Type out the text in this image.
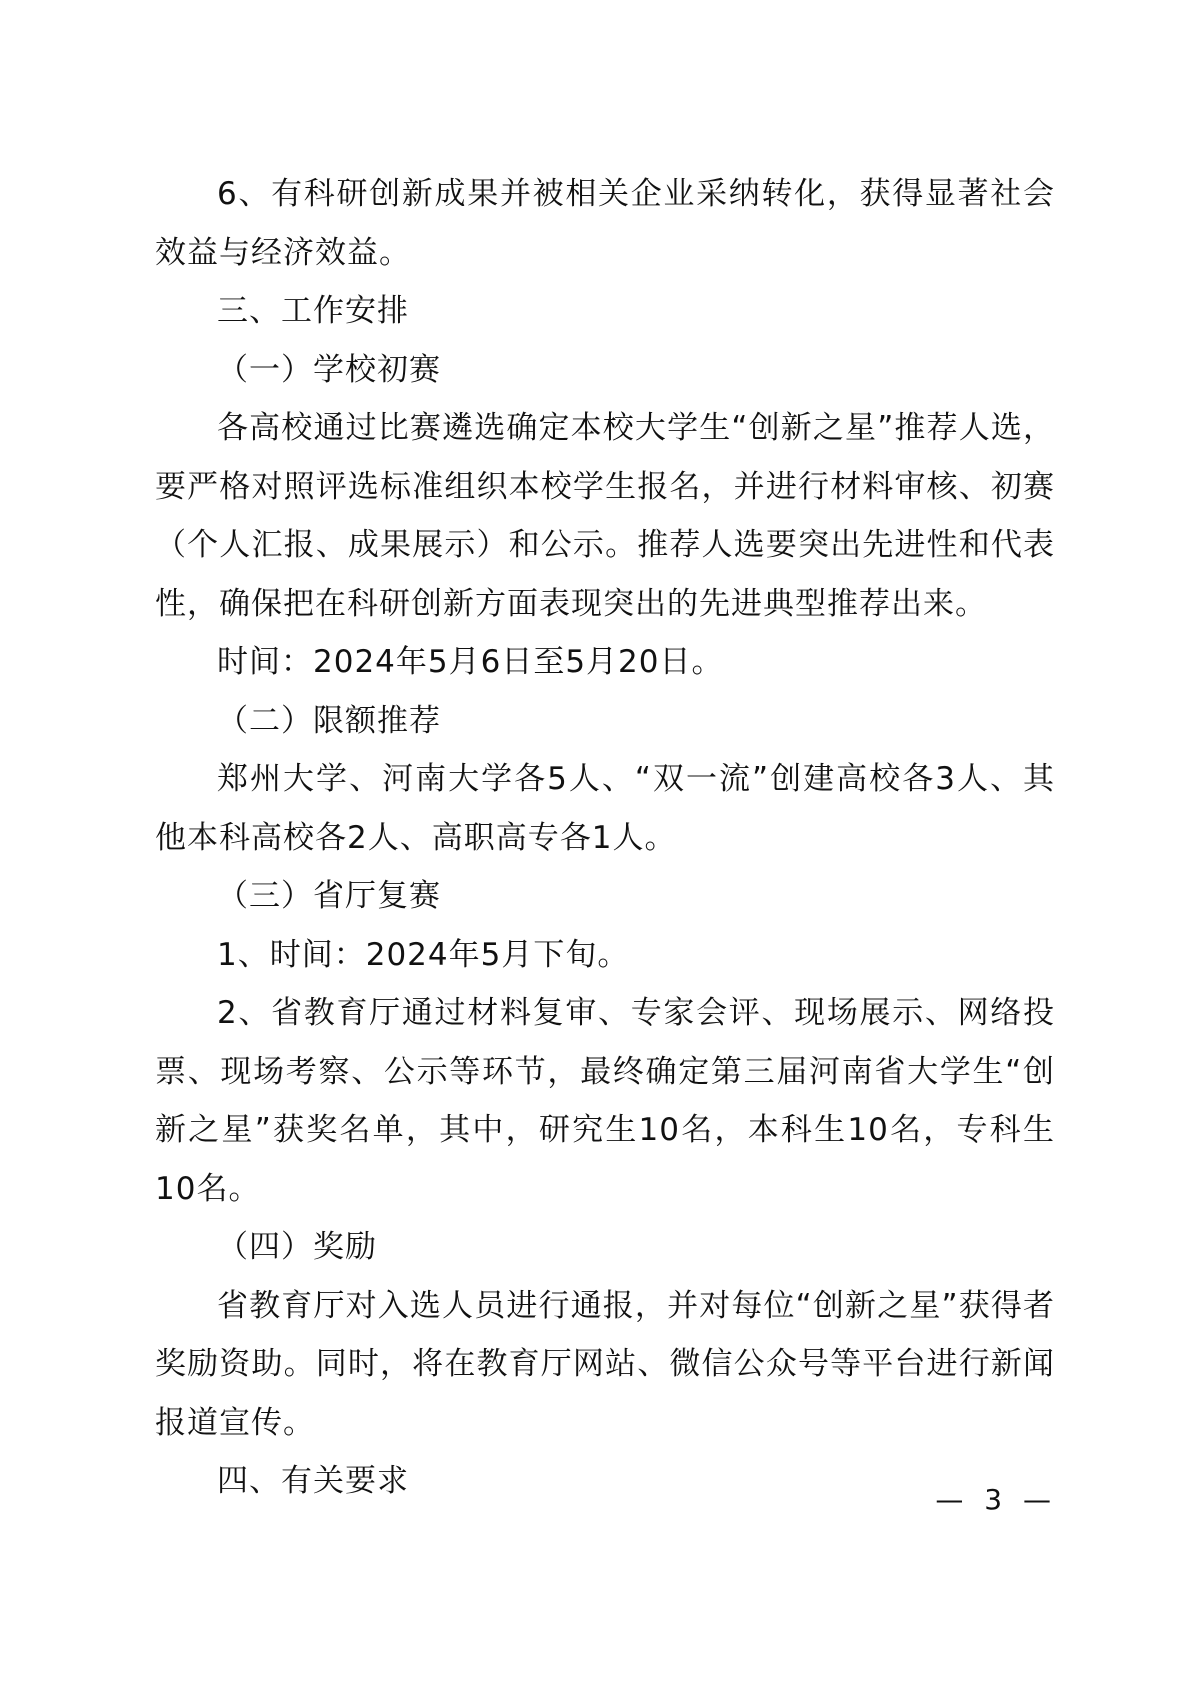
6、有科研创新成果并被相关企业采纳转化，获得显著社会效益与经济效益。

三、工作安排

（一）学校初赛

各高校通过比赛遴选确定本校大学生“创新之星”推荐人选，要严格对照评选标准组织本校学生报名，并进行材料审核、初赛（个人汇报、成果展示）和公示。推荐人选要突出先进性和代表性，确保把在科研创新方面表现突出的先进典型推荐出来。

时间：2024年5月6日至5月20日。

（二）限额推荐

郑州大学、河南大学各5人、“双一流”创建高校各3人、其他本科高校各2人、高职高专各1人。

（三）省厅复赛

1、时间：2024年5月下旬。

2、省教育厅通过材料复审、专家会评、现场展示、网络投票、现场考察、公示等环节，最终确定第三届河南省大学生“创新之星”获奖名单，其中，研究生10名，本科生10名，专科生10名。

（四）奖励

省教育厅对入选人员进行通报，并对每位“创新之星”获得者奖励资助。同时，将在教育厅网站、微信公众号等平台进行新闻报道宣传。

四、有关要求

— 3 —
